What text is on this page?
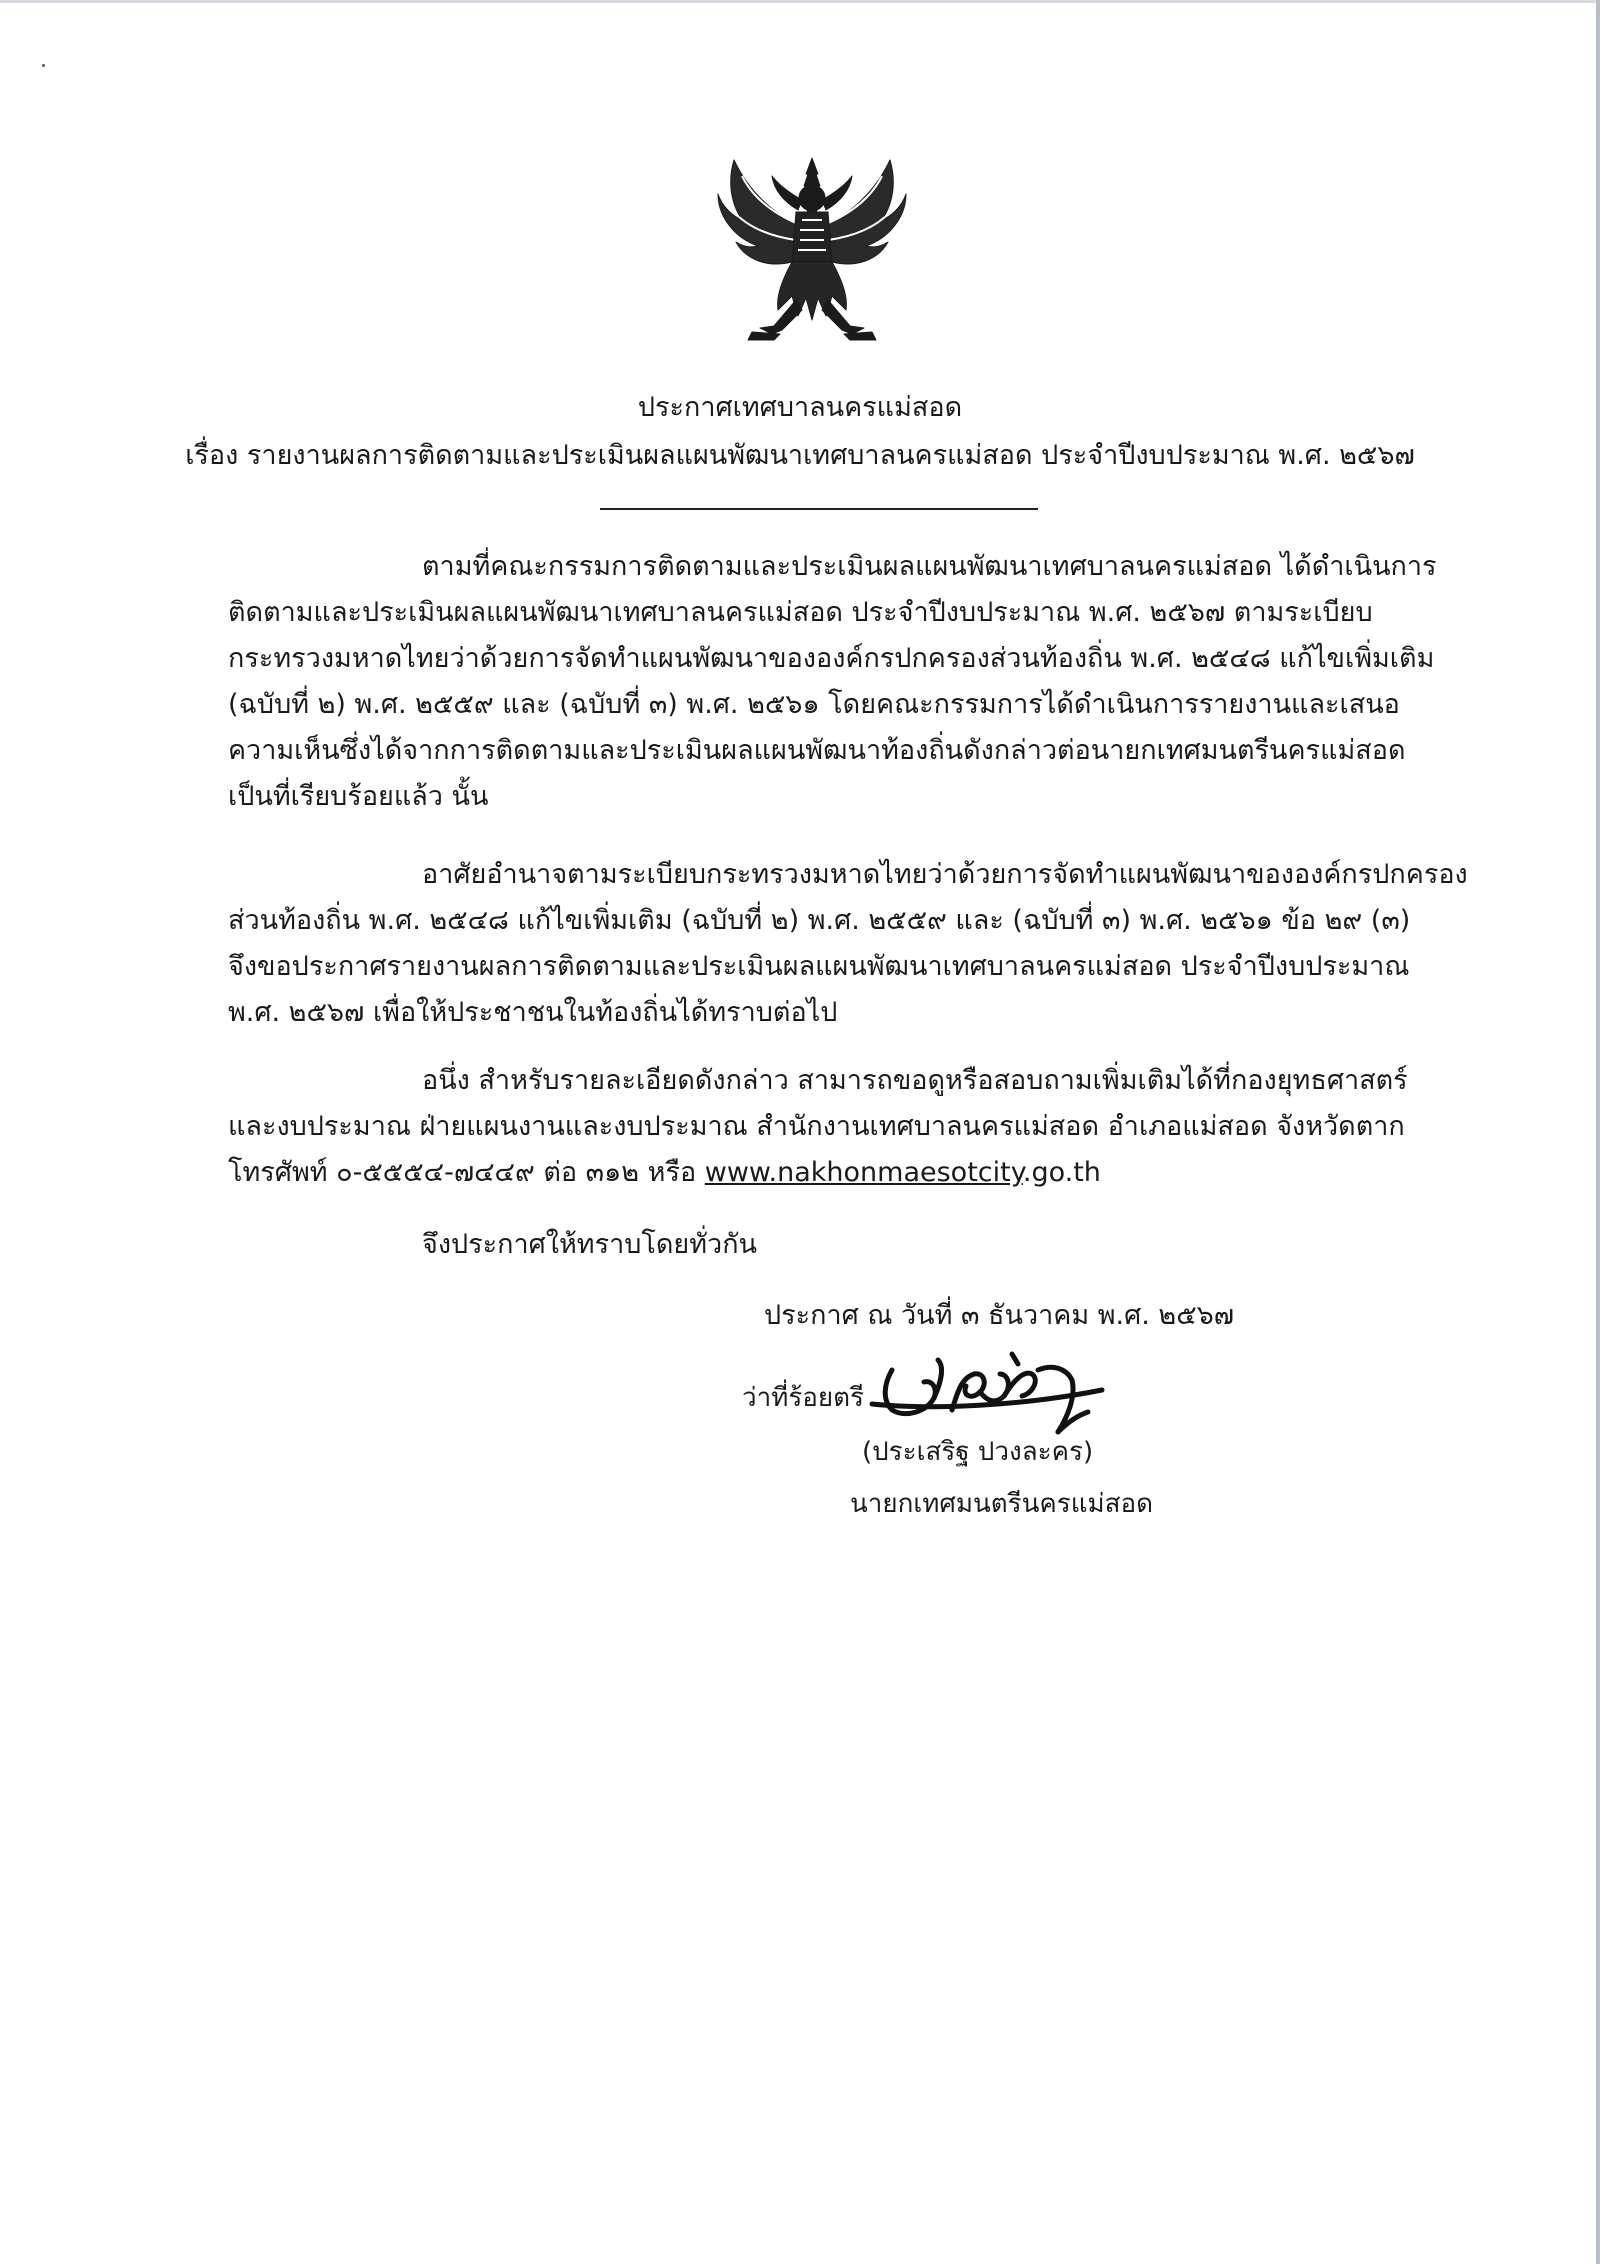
ประกาศเทศบาลนครแม่สอด
เรื่อง รายงานผลการติดตามและประเมินผลแผนพัฒนาเทศบาลนครแม่สอด ประจำปีงบประมาณ พ.ศ. ๒๕๖๗
ตามที่คณะกรรมการติดตามและประเมินผลแผนพัฒนาเทศบาลนครแม่สอด ได้ดำเนินการ
ติดตามและประเมินผลแผนพัฒนาเทศบาลนครแม่สอด ประจำปีงบประมาณ พ.ศ. ๒๕๖๗ ตามระเบียบ
กระทรวงมหาดไทยว่าด้วยการจัดทำแผนพัฒนาขององค์กรปกครองส่วนท้องถิ่น พ.ศ. ๒๕๔๘ แก้ไขเพิ่มเติม
(ฉบับที่ ๒) พ.ศ. ๒๕๕๙ และ (ฉบับที่ ๓) พ.ศ. ๒๕๖๑ โดยคณะกรรมการได้ดำเนินการรายงานและเสนอ
ความเห็นซึ่งได้จากการติดตามและประเมินผลแผนพัฒนาท้องถิ่นดังกล่าวต่อนายกเทศมนตรีนครแม่สอด
เป็นที่เรียบร้อยแล้ว นั้น
อาศัยอำนาจตามระเบียบกระทรวงมหาดไทยว่าด้วยการจัดทำแผนพัฒนาขององค์กรปกครอง
ส่วนท้องถิ่น พ.ศ. ๒๕๔๘ แก้ไขเพิ่มเติม (ฉบับที่ ๒) พ.ศ. ๒๕๕๙ และ (ฉบับที่ ๓) พ.ศ. ๒๕๖๑ ข้อ ๒๙ (๓)
จึงขอประกาศรายงานผลการติดตามและประเมินผลแผนพัฒนาเทศบาลนครแม่สอด ประจำปีงบประมาณ
พ.ศ. ๒๕๖๗ เพื่อให้ประชาชนในท้องถิ่นได้ทราบต่อไป
อนึ่ง สำหรับรายละเอียดดังกล่าว สามารถขอดูหรือสอบถามเพิ่มเติมได้ที่กองยุทธศาสตร์
และงบประมาณ ฝ่ายแผนงานและงบประมาณ สำนักงานเทศบาลนครแม่สอด อำเภอแม่สอด จังหวัดตาก
โทรศัพท์ ๐-๕๕๕๔-๗๔๔๙ ต่อ ๓๑๒ หรือ www.nakhonmaesotcity.go.th
จึงประกาศให้ทราบโดยทั่วกัน
ประกาศ ณ วันที่ ๓ ธันวาคม พ.ศ. ๒๕๖๗
ว่าที่ร้อยตรี
(ประเสริฐ ปวงละคร)
นายกเทศมนตรีนครแม่สอด
